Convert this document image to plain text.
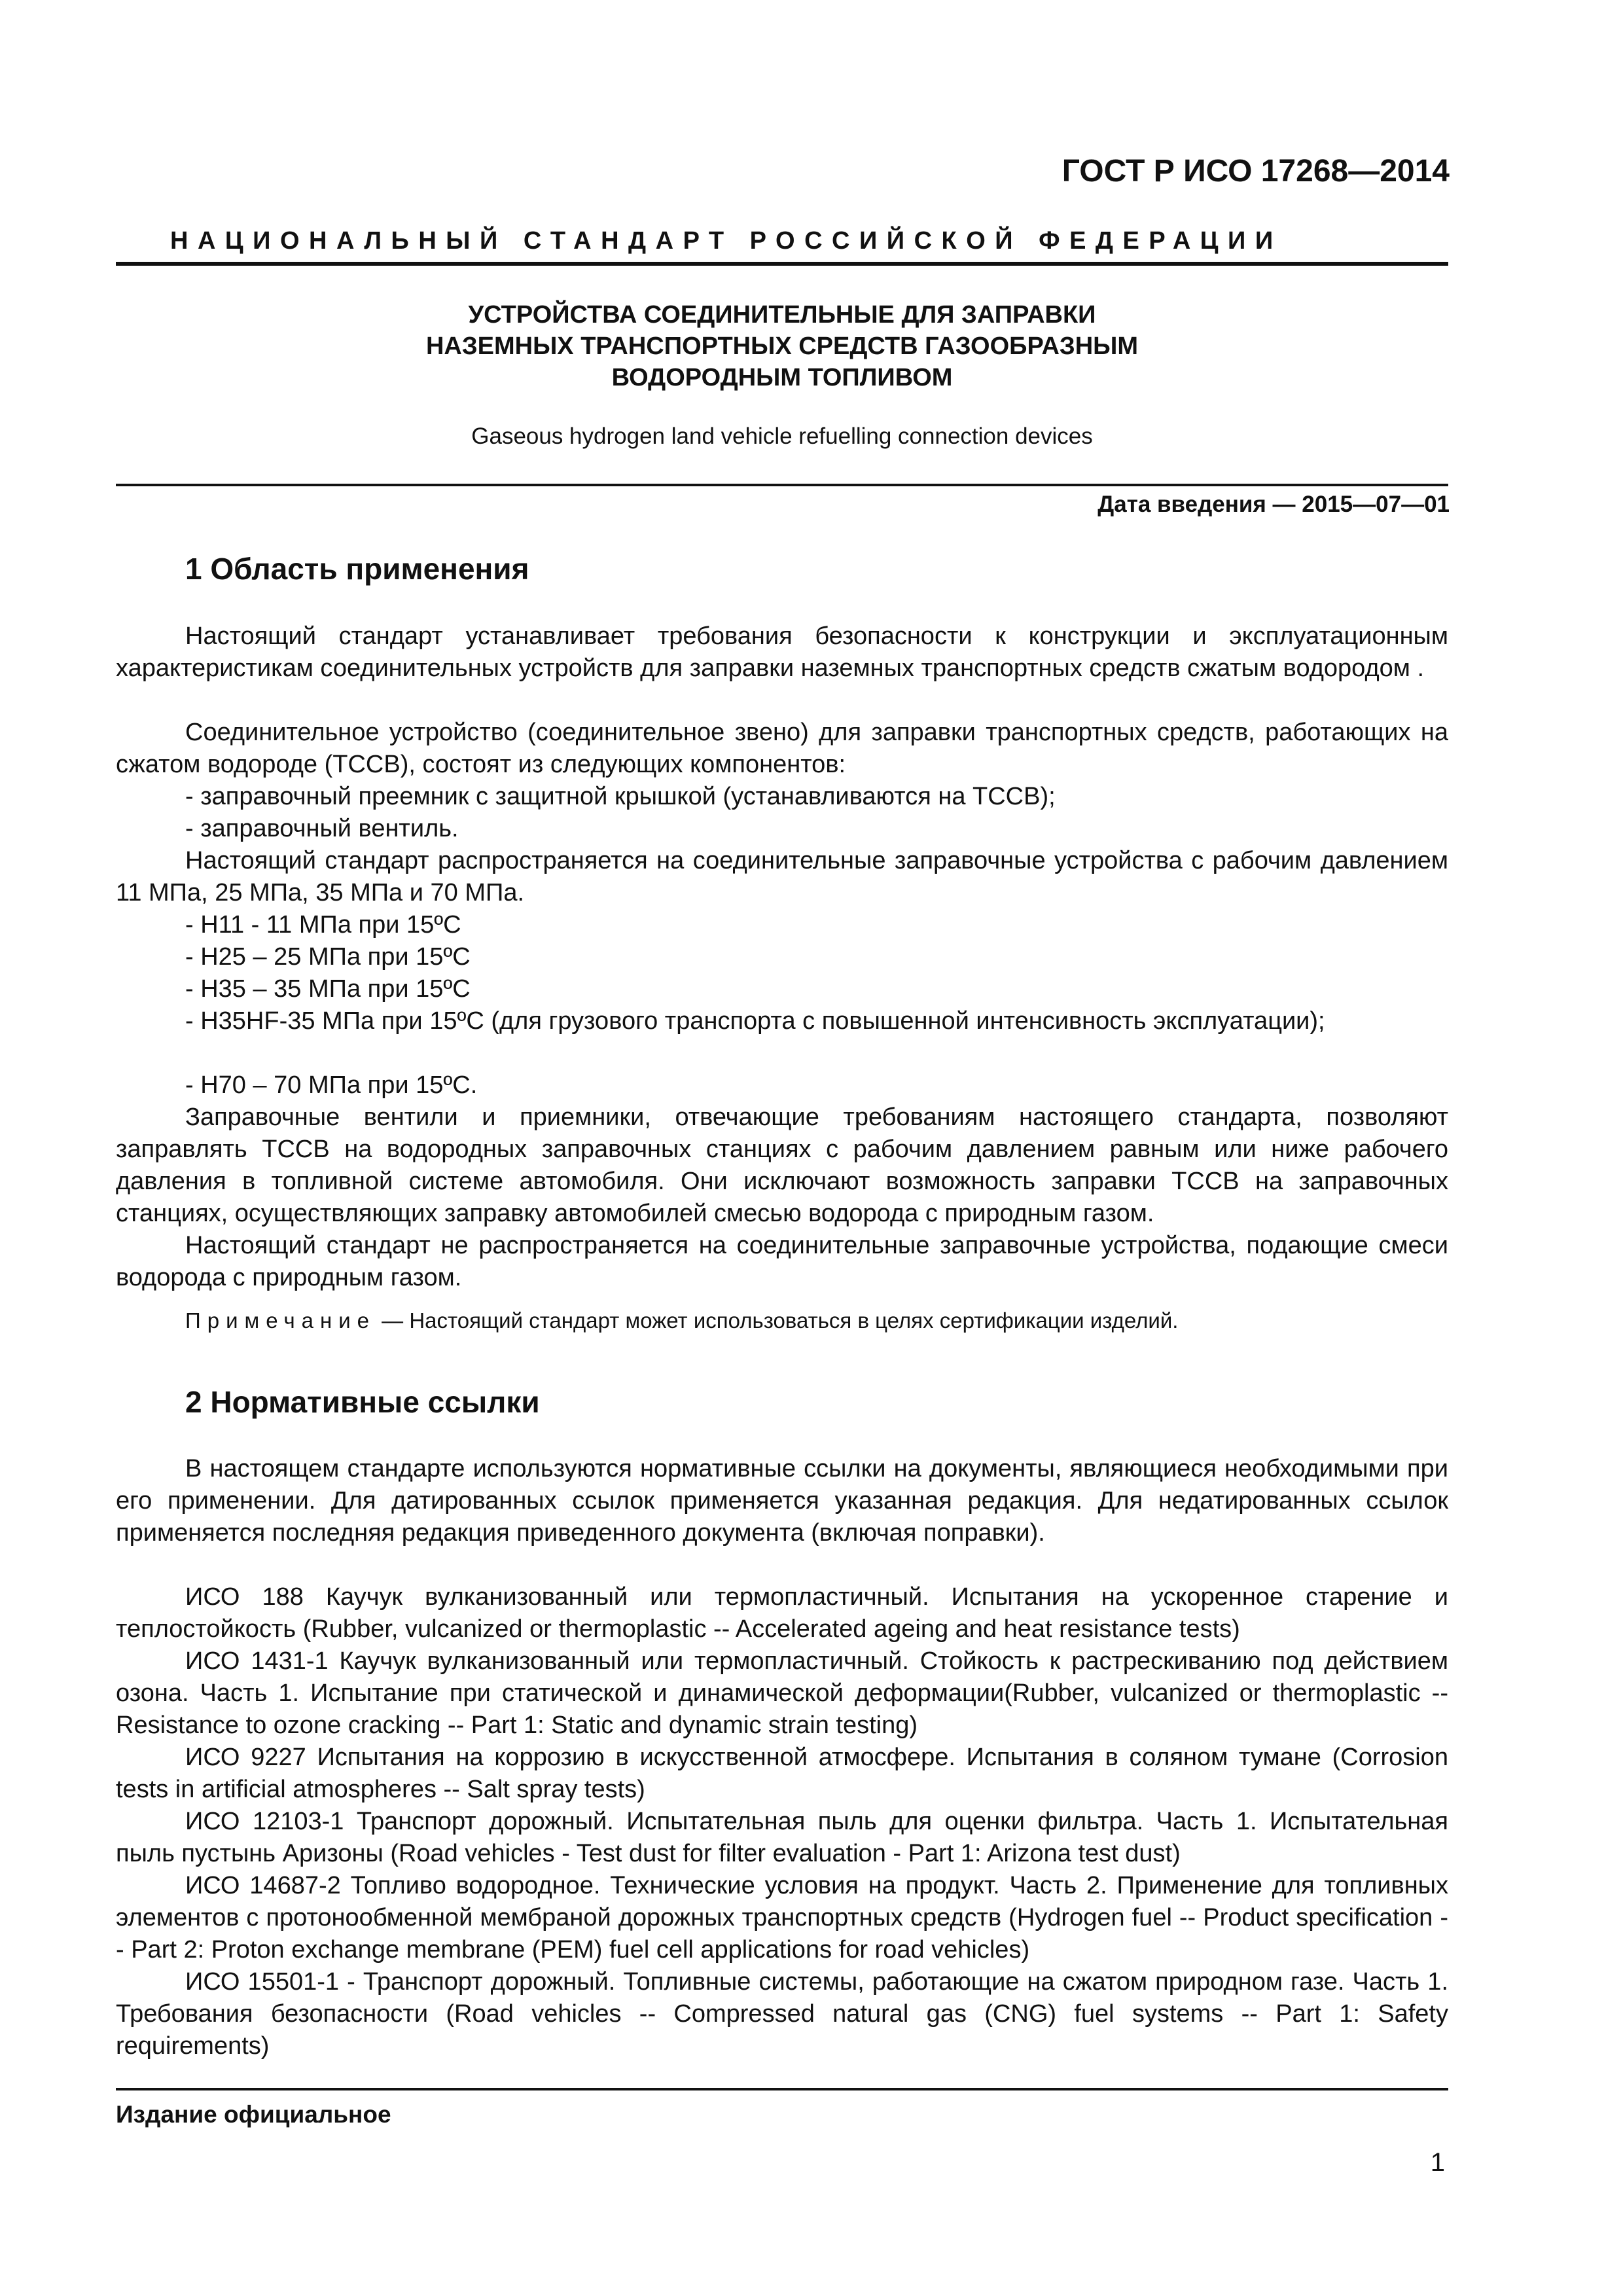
ГОСТ Р ИСО 17268—2014
НАЦИОНАЛЬНЫЙ СТАНДАРТ РОССИЙСКОЙ ФЕДЕРАЦИИ
УСТРОЙСТВА СОЕДИНИТЕЛЬНЫЕ ДЛЯ ЗАПРАВКИ
НАЗЕМНЫХ ТРАНСПОРТНЫХ СРЕДСТВ ГАЗООБРАЗНЫМ
ВОДОРОДНЫМ ТОПЛИВОМ
Gaseous hydrogen land vehicle refuelling connection devices
Дата введения — 2015—07—01
1 Область применения
Настоящий стандарт устанавливает требования безопасности к конструкции и эксплуатационным характеристикам соединительных устройств для заправки наземных транспортных средств сжатым водородом .
Соединительное устройство (соединительное звено) для заправки транспортных средств, работающих на сжатом водороде (ТССВ), состоят из следующих компонентов:
- заправочный преемник с защитной крышкой (устанавливаются на ТССВ);
- заправочный вентиль.
Настоящий стандарт распространяется на соединительные заправочные устройства с рабочим давлением 11 МПа, 25 МПа, 35 МПа и 70 МПа.
- H11 - 11 МПа при 15ºС
- H25 – 25 МПа при 15ºС
- H35 – 35 МПа при 15ºС
- H35HF-35 МПа при 15ºС (для грузового транспорта с повышенной интенсивность эксплуатации);
- H70 – 70 МПа при 15ºС.
Заправочные вентили и приемники, отвечающие требованиям настоящего стандарта, позволяют заправлять ТССВ на водородных заправочных станциях с рабочим давлением равным или ниже рабочего давления в топливной системе автомобиля. Они исключают возможность заправки ТССВ на заправочных станциях, осуществляющих заправку автомобилей смесью водорода с природным газом.
Настоящий стандарт не распространяется на соединительные заправочные устройства, подающие смеси водорода с природным газом.
Примечание — Настоящий стандарт может использоваться в целях сертификации изделий.
2 Нормативные ссылки
В настоящем стандарте используются нормативные ссылки на документы, являющиеся необходимыми при его применении. Для датированных ссылок применяется указанная редакция. Для недатированных ссылок применяется последняя редакция приведенного документа (включая поправки).
ИСО 188 Каучук вулканизованный или термопластичный. Испытания на ускоренное старение и теплостойкость (Rubber, vulcanized or thermoplastic -- Accelerated ageing and heat resistance tests)
ИСО 1431-1 Каучук вулканизованный или термопластичный. Стойкость к растрескиванию под действием озона. Часть 1. Испытание при статической и динамической деформации(Rubber, vulcanized or thermoplastic -- Resistance to ozone cracking -- Part 1: Static and dynamic strain testing)
ИСО 9227 Испытания на коррозию в искусственной атмосфере. Испытания в соляном тумане (Corrosion tests in artificial atmospheres -- Salt spray tests)
ИСО 12103-1 Транспорт дорожный. Испытательная пыль для оценки фильтра. Часть 1. Испытательная пыль пустынь Аризоны (Road vehicles - Test dust for filter evaluation - Part 1: Arizona test dust)
ИСО 14687-2 Топливо водородное. Технические условия на продукт. Часть 2. Применение для топливных элементов с протонообменной мембраной дорожных транспортных средств (Hydrogen fuel -- Product specification -- Part 2: Proton exchange membrane (PEM) fuel cell applications for road vehicles)
ИСО 15501-1 - Транспорт дорожный. Топливные системы, работающие на сжатом природном газе. Часть 1. Требования безопасности (Road vehicles -- Compressed natural gas (CNG) fuel systems -- Part 1: Safety requirements)
Издание официальное
1
